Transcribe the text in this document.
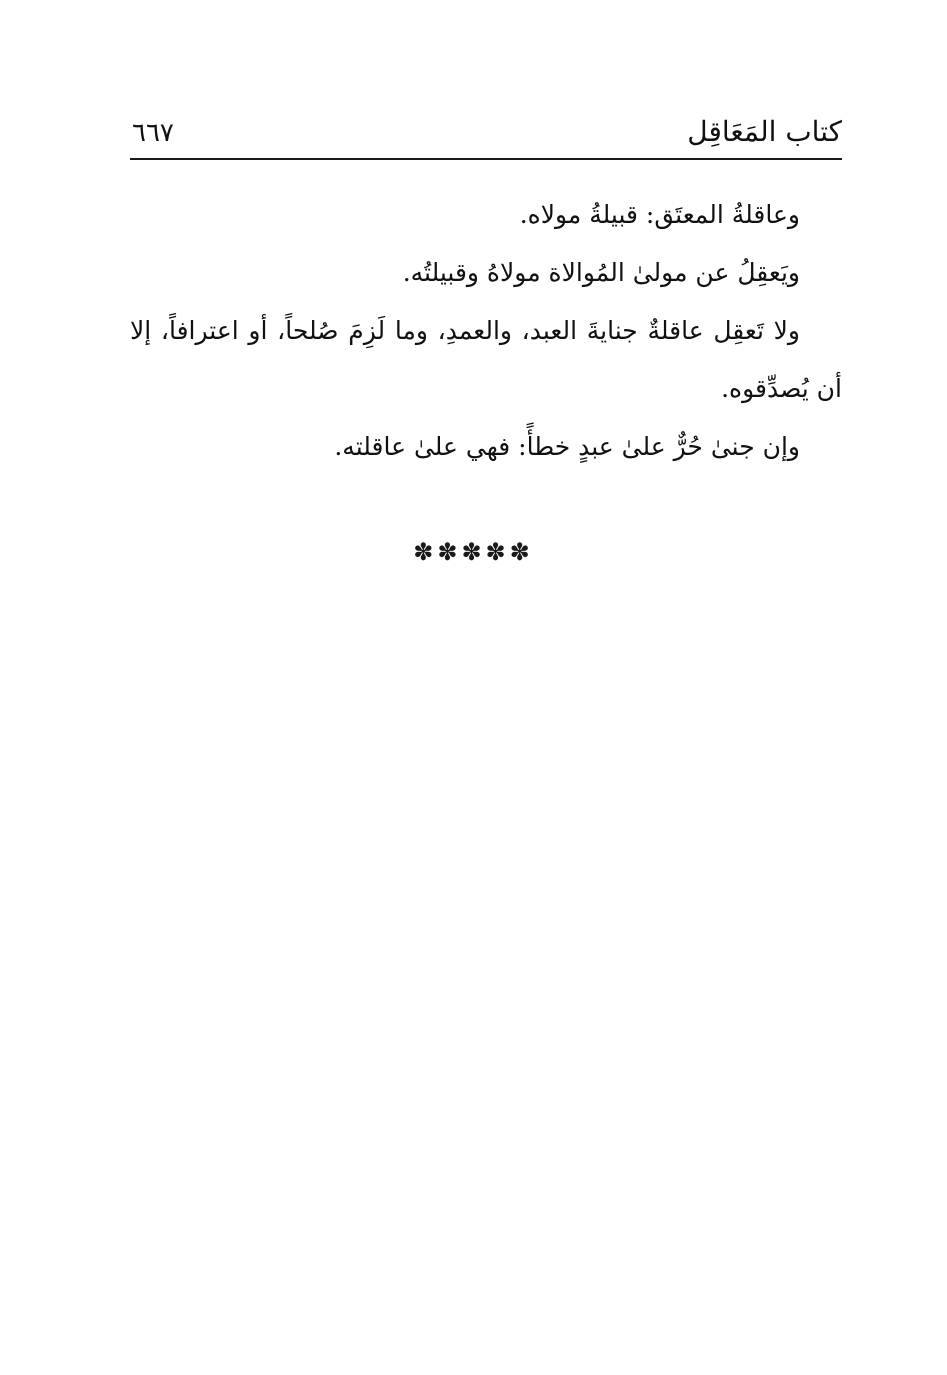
كتاب المَعَاقِل
٦٦٧

وعاقلةُ المعتَق: قبيلةُ مولاه.

ويَعقِلُ عن مولىٰ المُوالاة مولاهُ وقبيلتُه.

ولا تَعقِل عاقلةٌ جنايةَ العبد، والعمدِ، وما لَزِمَ صُلحاً، أو اعترافاً، إلا أن يُصدِّقوه.

وإن جنىٰ حُرٌّ علىٰ عبدٍ خطأً: فهي علىٰ عاقلته.

✽✽✽✽✽
